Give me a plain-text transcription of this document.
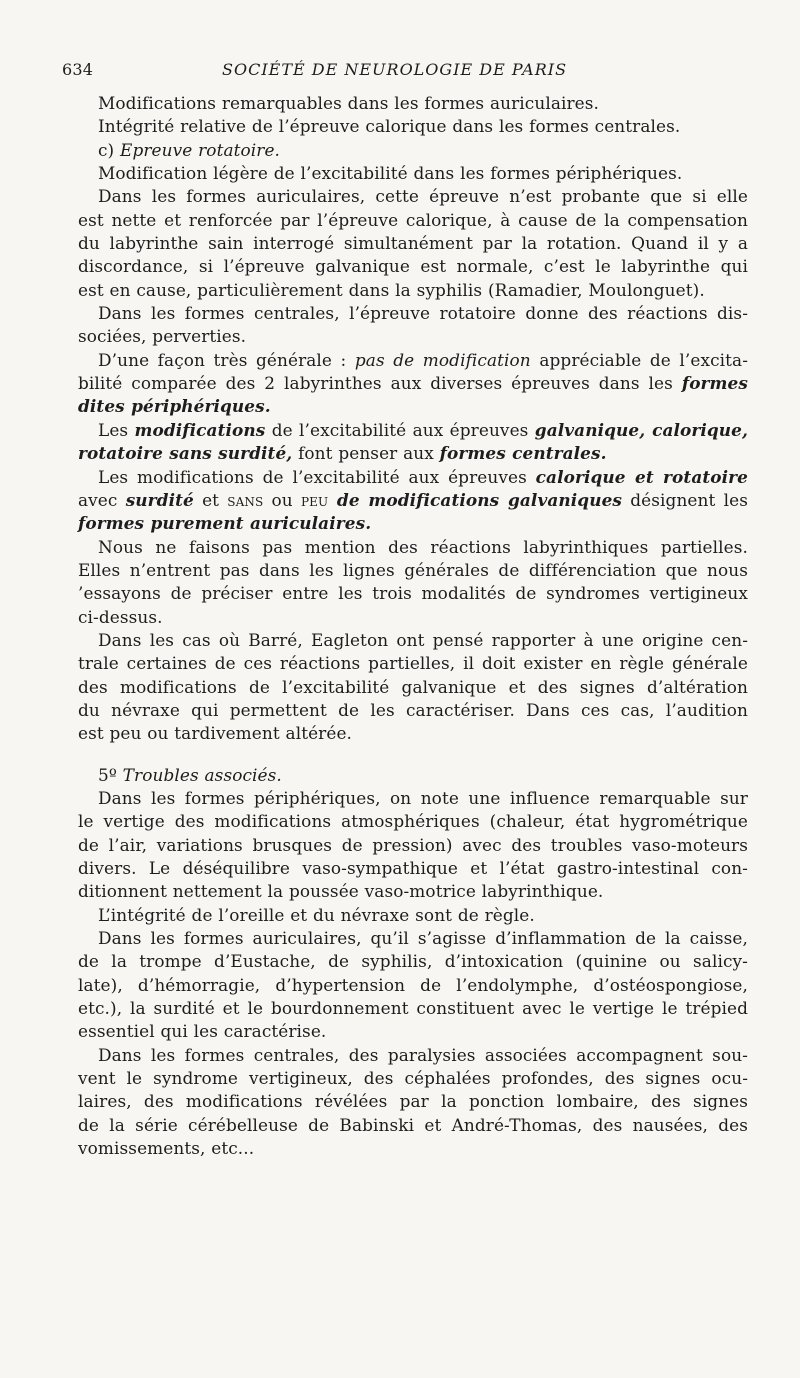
634	SOCIÉTÉ DE NEUROLOGIE DE PARIS
Modifications remarquables dans les formes auriculaires.
Intégrité relative de l’épreuve calorique dans les formes centrales.
c) Epreuve rotatoire.
Modification légère de l’excitabilité dans les formes périphériques.
Dans les formes auriculaires, cette épreuve n’est probante que si elle
est nette et renforcée par l’épreuve calorique, à cause de la compensation
du labyrinthe sain interrogé simultanément par la rotation. Quand il y a
discordance, si l’épreuve galvanique est normale, c’est le labyrinthe qui
est en cause, particulièrement dans la syphilis (Ramadier, Moulonguet).
Dans les formes centrales, l’épreuve rotatoire donne des réactions dis-
sociées, perverties.
D’une façon très générale : pas de modification appréciable de l’excita-
bilité comparée des 2 labyrinthes aux diverses épreuves dans les formes
dites périphériques.
Les modifications de l’excitabilité aux épreuves galvanique, calorique,
rotatoire sans surdité, font penser aux formes centrales.
Les modifications de l’excitabilité aux épreuves calorique et rotatoire
avec surdité et sans ou peu de modifications galvaniques désignent les
formes purement auriculaires.
Nous ne faisons pas mention des réactions labyrinthiques partielles.
Elles n’entrent pas dans les lignes générales de différenciation que nous
’essayons de préciser entre les trois modalités de syndromes vertigineux
ci-dessus.
Dans les cas où Barré, Eagleton ont pensé rapporter à une origine cen-
trale certaines de ces réactions partielles, il doit exister en règle générale
des modifications de l’excitabilité galvanique et des signes d’altération
du névraxe qui permettent de les caractériser. Dans ces cas, l’audition
est peu ou tardivement altérée.
5º Troubles associés.
Dans les formes périphériques, on note une influence remarquable sur
le vertige des modifications atmosphériques (chaleur, état hygrométrique
de l’air, variations brusques de pression) avec des troubles vaso-moteurs
divers. Le déséquilibre vaso-sympathique et l’état gastro-intestinal con-
ditionnent nettement la poussée vaso-motrice labyrinthique.
L’intégrité de l’oreille et du névraxe sont de règle.
Dans les formes auriculaires, qu’il s’agisse d’inflammation de la caisse,
de la trompe d’Eustache, de syphilis, d’intoxication (quinine ou salicy-
late), d’hémorragie, d’hypertension de l’endolymphe, d’ostéospongiose,
etc.), la surdité et le bourdonnement constituent avec le vertige le trépied
essentiel qui les caractérise.
Dans les formes centrales, des paralysies associées accompagnent sou-
vent le syndrome vertigineux, des céphalées profondes, des signes ocu-
laires, des modifications révélées par la ponction lombaire, des signes
de la série cérébelleuse de Babinski et André-Thomas, des nausées, des
vomissements, etc...
